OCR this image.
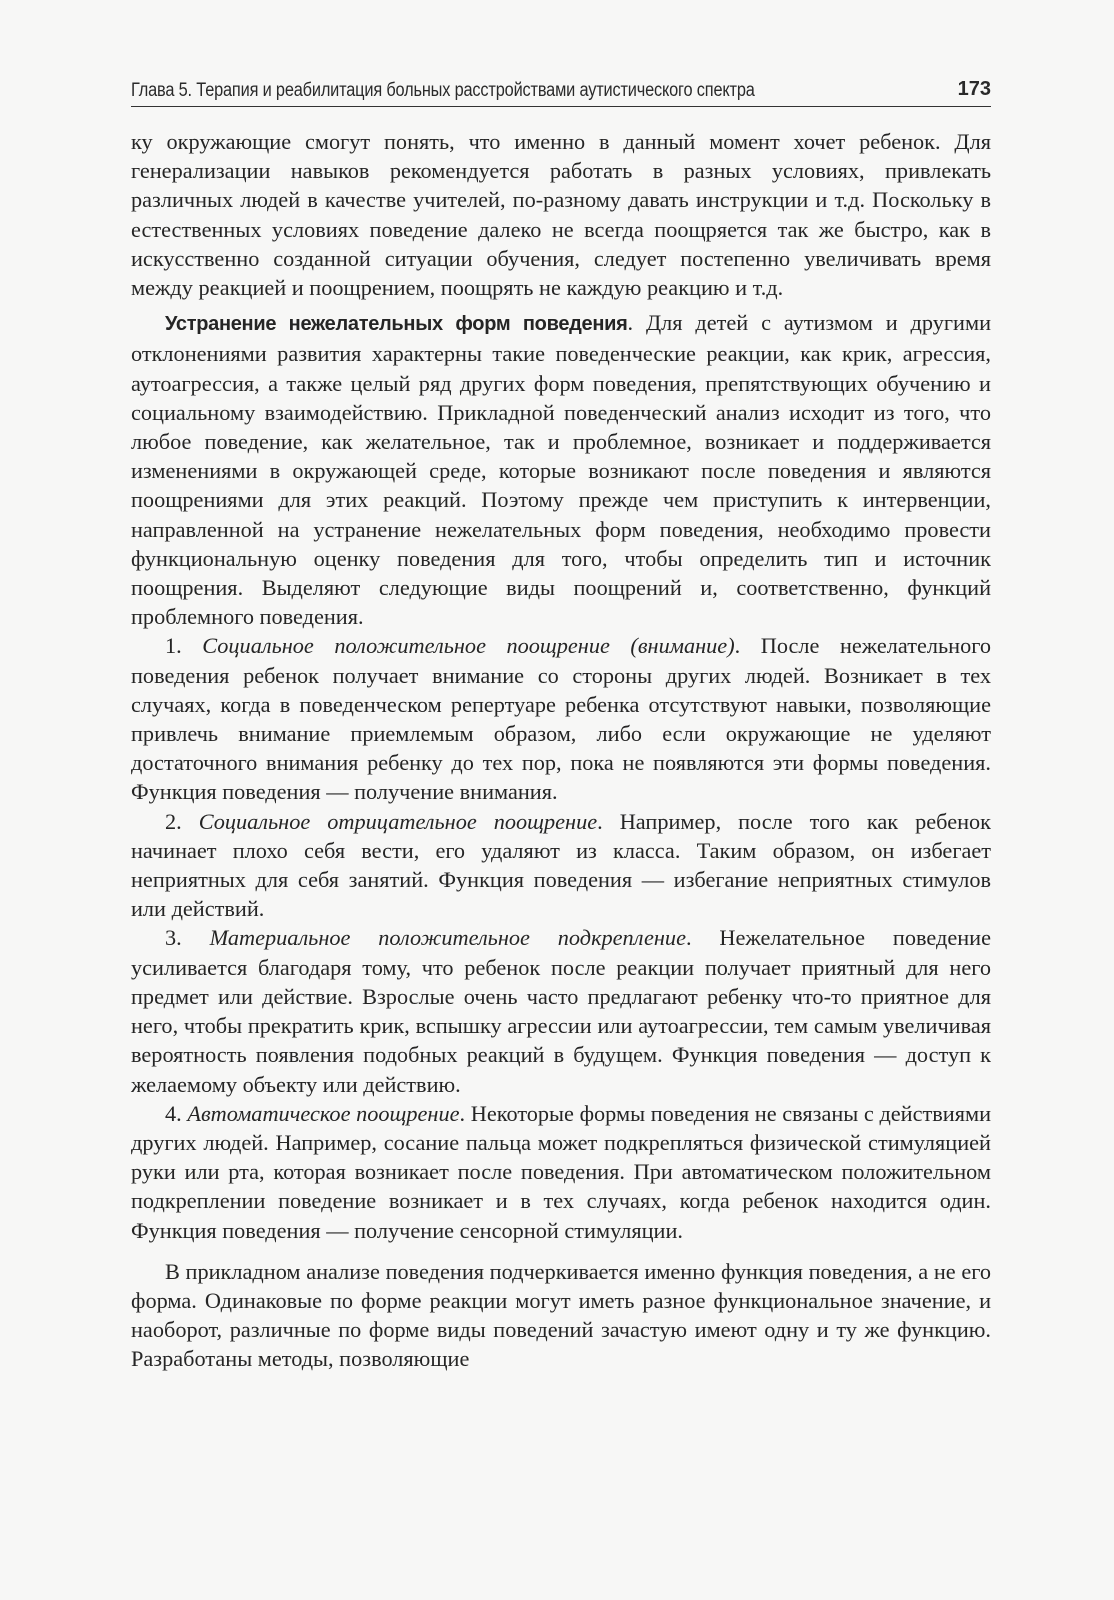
Глава 5. Терапия и реабилитация больных расстройствами аутистического спектра	173

ку окружающие смогут понять, что именно в данный момент хочет ребенок. Для генерализации навыков рекомендуется работать в разных условиях, привлекать различных людей в качестве учителей, по-разному давать инструкции и т.д. Поскольку в естественных условиях поведение далеко не всегда поощряется так же быстро, как в искусственно созданной ситуации обучения, следует постепенно увеличивать время между реакцией и поощрением, поощрять не каждую реакцию и т.д.

Устранение нежелательных форм поведения. Для детей с аутизмом и другими отклонениями развития характерны такие поведенческие реакции, как крик, агрессия, аутоагрессия, а также целый ряд других форм поведения, препятствующих обучению и социальному взаимодействию. Прикладной поведенческий анализ исходит из того, что любое поведение, как желательное, так и проблемное, возникает и поддерживается изменениями в окружающей среде, которые возникают после поведения и являются поощрениями для этих реакций. Поэтому прежде чем приступить к интервенции, направленной на устранение нежелательных форм поведения, необходимо провести функциональную оценку поведения для того, чтобы определить тип и источник поощрения. Выделяют следующие виды поощрений и, соответственно, функций проблемного поведения.

1. Социальное положительное поощрение (внимание). После нежелательного поведения ребенок получает внимание со стороны других людей. Возникает в тех случаях, когда в поведенческом репертуаре ребенка отсутствуют навыки, позволяющие привлечь внимание приемлемым образом, либо если окружающие не уделяют достаточного внимания ребенку до тех пор, пока не появляются эти формы поведения. Функция поведения — получение внимания.

2. Социальное отрицательное поощрение. Например, после того как ребенок начинает плохо себя вести, его удаляют из класса. Таким образом, он избегает неприятных для себя занятий. Функция поведения — избегание неприятных стимулов или действий.

3. Материальное положительное подкрепление. Нежелательное поведение усиливается благодаря тому, что ребенок после реакции получает приятный для него предмет или действие. Взрослые очень часто предлагают ребенку что-то приятное для него, чтобы прекратить крик, вспышку агрессии или аутоагрессии, тем самым увеличивая вероятность появления подобных реакций в будущем. Функция поведения — доступ к желаемому объекту или действию.

4. Автоматическое поощрение. Некоторые формы поведения не связаны с действиями других людей. Например, сосание пальца может подкрепляться физической стимуляцией руки или рта, которая возникает после поведения. При автоматическом положительном подкреплении поведение возникает и в тех случаях, когда ребенок находится один. Функция поведения — получение сенсорной стимуляции.

В прикладном анализе поведения подчеркивается именно функция поведения, а не его форма. Одинаковые по форме реакции могут иметь разное функциональное значение, и наоборот, различные по форме виды поведений зачастую имеют одну и ту же функцию. Разработаны методы, позволяющие
